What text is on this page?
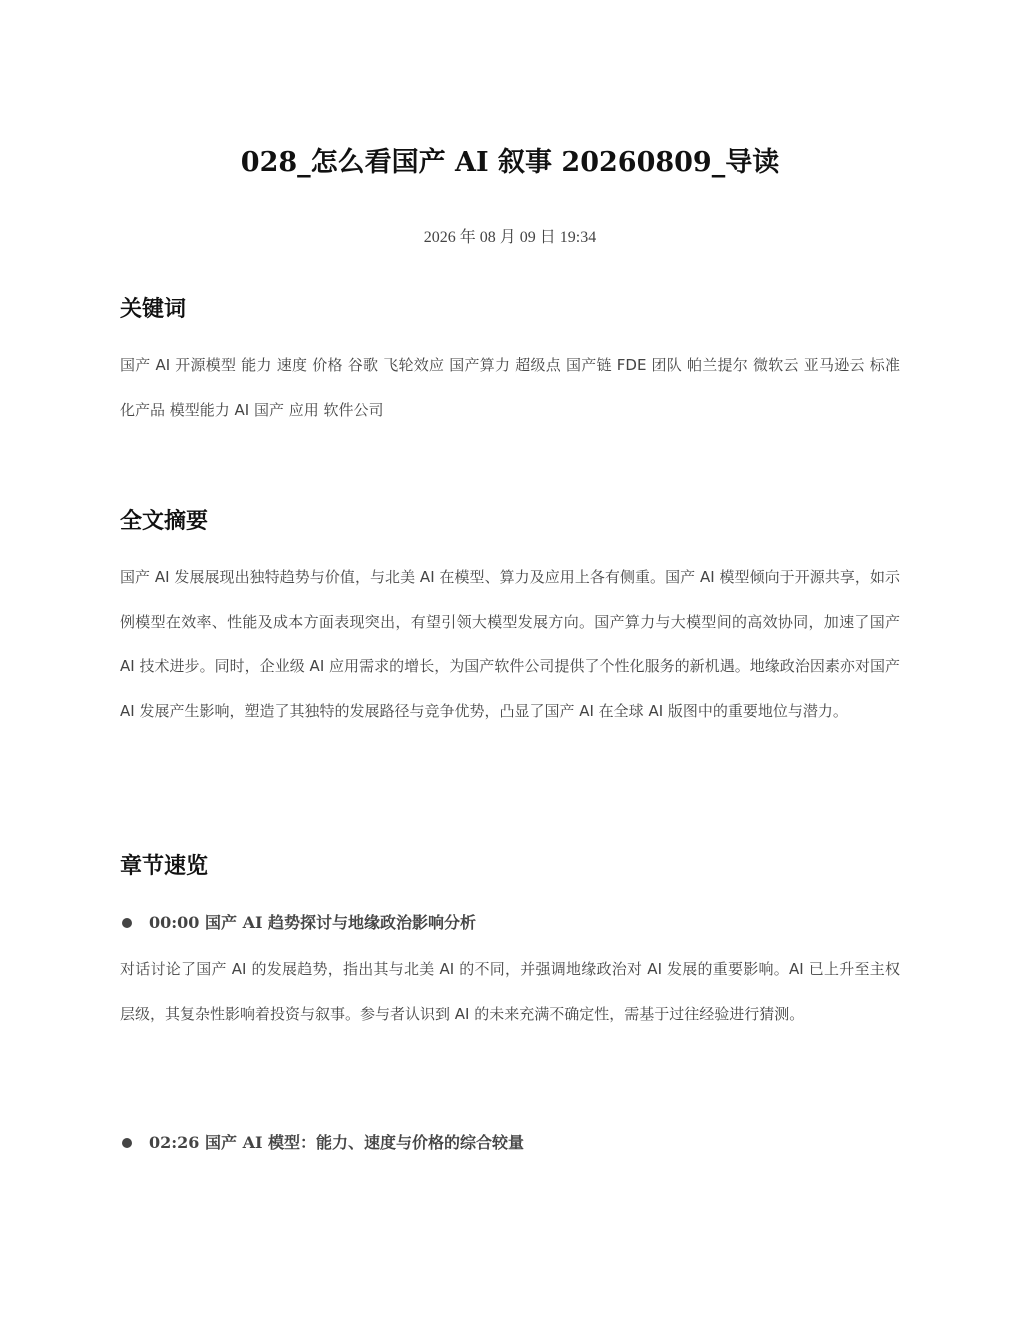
028_怎么看国产 AI 叙事 20260809_导读
2026 年 08 月 09 日 19:34
关键词

国产 AI 开源模型 能力 速度 价格 谷歌 飞轮效应 国产算力 超级点 国产链 FDE 团队 帕兰提尔 微软云 亚马逊云 标准化产品 模型能力 AI 国产 应用 软件公司

全文摘要

国产 AI 发展展现出独特趋势与价值，与北美 AI 在模型、算力及应用上各有侧重。国产 AI 模型倾向于开源共享，如示例模型在效率、性能及成本方面表现突出，有望引领大模型发展方向。国产算力与大模型间的高效协同，加速了国产 AI 技术进步。同时，企业级 AI 应用需求的增长，为国产软件公司提供了个性化服务的新机遇。地缘政治因素亦对国产 AI 发展产生影响，塑造了其独特的发展路径与竞争优势，凸显了国产 AI 在全球 AI 版图中的重要地位与潜力。

章节速览
00:00 国产 AI 趋势探讨与地缘政治影响分析

对话讨论了国产 AI 的发展趋势，指出其与北美 AI 的不同，并强调地缘政治对 AI 发展的重要影响。AI 已上升至主权层级，其复杂性影响着投资与叙事。参与者认识到 AI 的未来充满不确定性，需基于过往经验进行猜测。

02:26 国产 AI 模型：能力、速度与价格的综合较量
